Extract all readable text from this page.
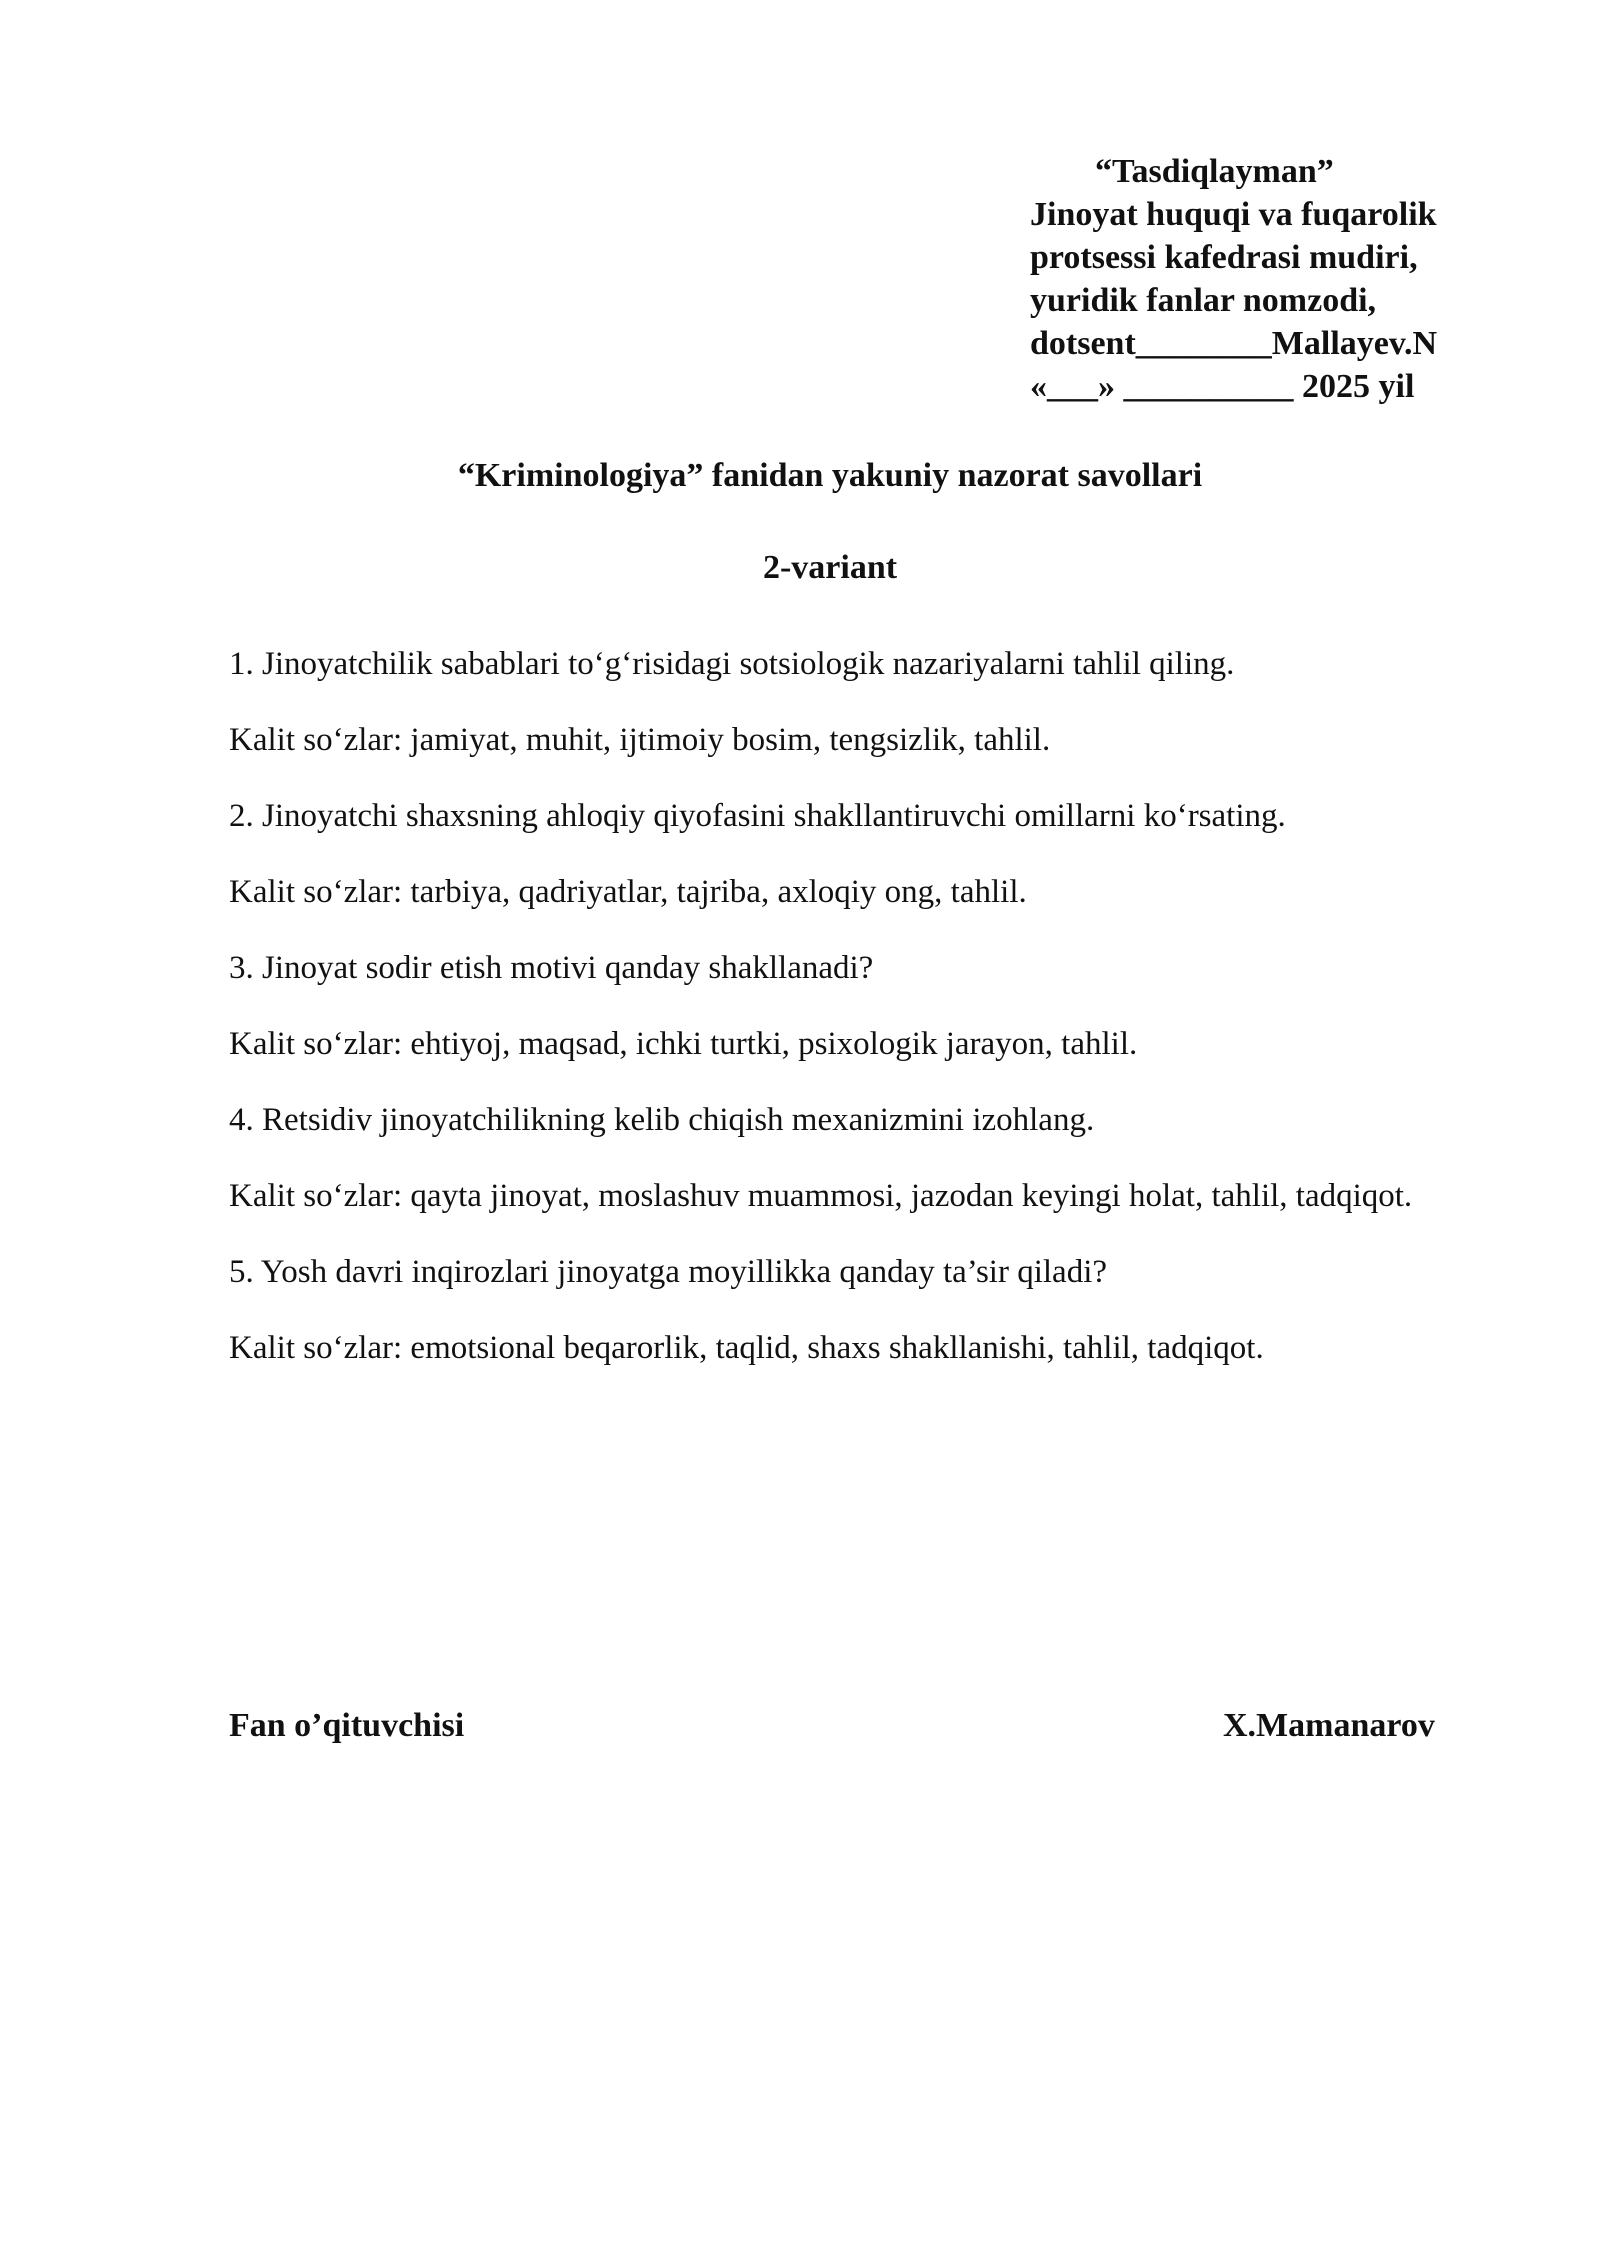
“Tasdiqlayman”
Jinoyat huquqi va fuqarolik
protsessi kafedrasi mudiri,
yuridik fanlar nomzodi,
dotsent________Mallayev.N
«___» __________ 2025 yil
“Kriminologiya” fanidan yakuniy nazorat savollari
2-variant

1. Jinoyatchilik sabablari to‘g‘risidagi sotsiologik nazariyalarni tahlil qiling.

Kalit so‘zlar: jamiyat, muhit, ijtimoiy bosim, tengsizlik, tahlil.

2. Jinoyatchi shaxsning ahloqiy qiyofasini shakllantiruvchi omillarni ko‘rsating.

Kalit so‘zlar: tarbiya, qadriyatlar, tajriba, axloqiy ong, tahlil.

3. Jinoyat sodir etish motivi qanday shakllanadi?

Kalit so‘zlar: ehtiyoj, maqsad, ichki turtki, psixologik jarayon, tahlil.

4. Retsidiv jinoyatchilikning kelib chiqish mexanizmini izohlang.

Kalit so‘zlar: qayta jinoyat, moslashuv muammosi, jazodan keyingi holat, tahlil, tadqiqot.

5. Yosh davri inqirozlari jinoyatga moyillikka qanday ta’sir qiladi?

Kalit so‘zlar: emotsional beqarorlik, taqlid, shaxs shakllanishi, tahlil, tadqiqot.

Fan o’qituvchisi	X.Mamanarov
